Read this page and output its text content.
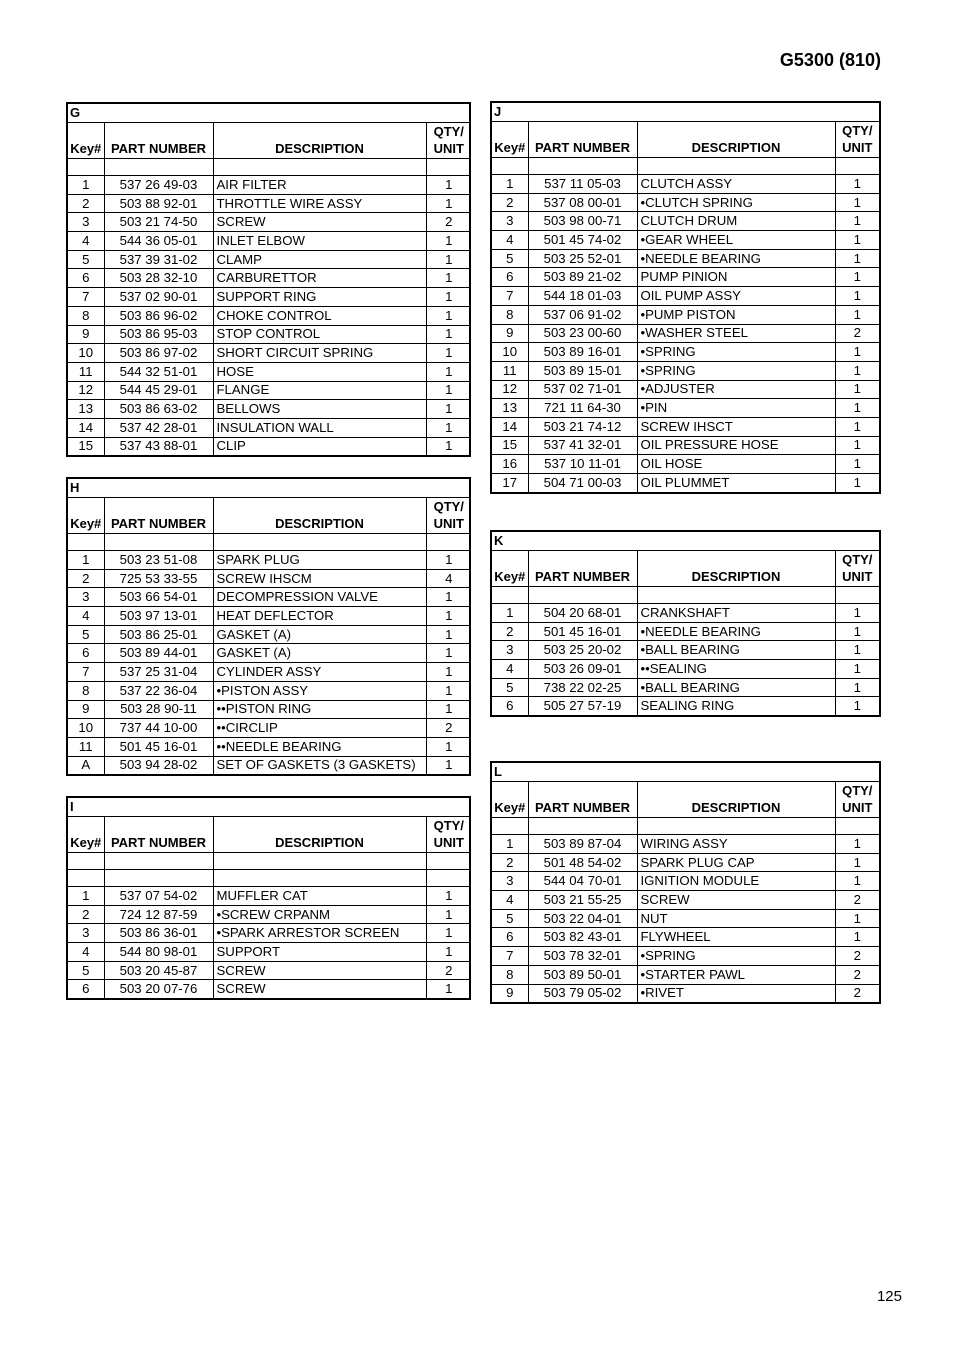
G5300 (810)
G			
Key#	PART NUMBER	DESCRIPTION	QTY/
UNIT

1	537 26 49-03	AIR FILTER	1
2	503 88 92-01	THROTTLE WIRE ASSY	1
3	503 21 74-50	SCREW	2
4	544 36 05-01	INLET ELBOW	1
5	537 39 31-02	CLAMP	1
6	503 28 32-10	CARBURETTOR	1
7	537 02 90-01	SUPPORT RING	1
8	503 86 96-02	CHOKE CONTROL	1
9	503 86 95-03	STOP CONTROL	1
10	503 86 97-02	SHORT CIRCUIT SPRING	1
11	544 32 51-01	HOSE	1
12	544 45 29-01	FLANGE	1
13	503 86 63-02	BELLOWS	1
14	537 42 28-01	INSULATION WALL	1
15	537 43 88-01	CLIP	1
H			
Key#	PART NUMBER	DESCRIPTION	QTY/
UNIT

1	503 23 51-08	SPARK PLUG	1
2	725 53 33-55	SCREW IHSCM	4
3	503 66 54-01	DECOMPRESSION VALVE	1
4	503 97 13-01	HEAT DEFLECTOR	1
5	503 86 25-01	GASKET (A)	1
6	503 89 44-01	GASKET (A)	1
7	537 25 31-04	CYLINDER ASSY	1
8	537 22 36-04	•PISTON ASSY	1
9	503 28 90-11	••PISTON RING	1
10	737 44 10-00	••CIRCLIP	2
11	501 45 16-01	••NEEDLE BEARING	1
A	503 94 28-02	SET OF GASKETS (3 GASKETS)	1
I			
Key#	PART NUMBER	DESCRIPTION	QTY/
UNIT

1	537 07 54-02	MUFFLER CAT	1
2	724 12 87-59	•SCREW CRPANM	1
3	503 86 36-01	•SPARK ARRESTOR SCREEN	1
4	544 80 98-01	SUPPORT	1
5	503 20 45-87	SCREW	2
6	503 20 07-76	SCREW	1
J			
Key#	PART NUMBER	DESCRIPTION	QTY/
UNIT

1	537 11 05-03	CLUTCH ASSY	1
2	537 08 00-01	•CLUTCH SPRING	1
3	503 98 00-71	CLUTCH DRUM	1
4	501 45 74-02	•GEAR WHEEL	1
5	503 25 52-01	•NEEDLE BEARING	1
6	503 89 21-02	PUMP PINION	1
7	544 18 01-03	OIL PUMP ASSY	1
8	537 06 91-02	•PUMP PISTON	1
9	503 23 00-60	•WASHER STEEL	2
10	503 89 16-01	•SPRING	1
11	503 89 15-01	•SPRING	1
12	537 02 71-01	•ADJUSTER	1
13	721 11 64-30	•PIN	1
14	503 21 74-12	SCREW IHSCT	1
15	537 41 32-01	OIL PRESSURE HOSE	1
16	537 10 11-01	OIL HOSE	1
17	504 71 00-03	OIL PLUMMET	1
K			
Key#	PART NUMBER	DESCRIPTION	QTY/
UNIT

1	504 20 68-01	CRANKSHAFT	1
2	501 45 16-01	•NEEDLE BEARING	1
3	503 25 20-02	•BALL BEARING	1
4	503 26 09-01	••SEALING	1
5	738 22 02-25	•BALL BEARING	1
6	505 27 57-19	SEALING RING	1
L			
Key#	PART NUMBER	DESCRIPTION	QTY/
UNIT

1	503 89 87-04	WIRING ASSY	1
2	501 48 54-02	SPARK PLUG CAP	1
3	544 04 70-01	IGNITION MODULE	1
4	503 21 55-25	SCREW	2
5	503 22 04-01	NUT	1
6	503 82 43-01	FLYWHEEL	1
7	503 78 32-01	•SPRING	2
8	503 89 50-01	•STARTER PAWL	2
9	503 79 05-02	•RIVET	2
125
